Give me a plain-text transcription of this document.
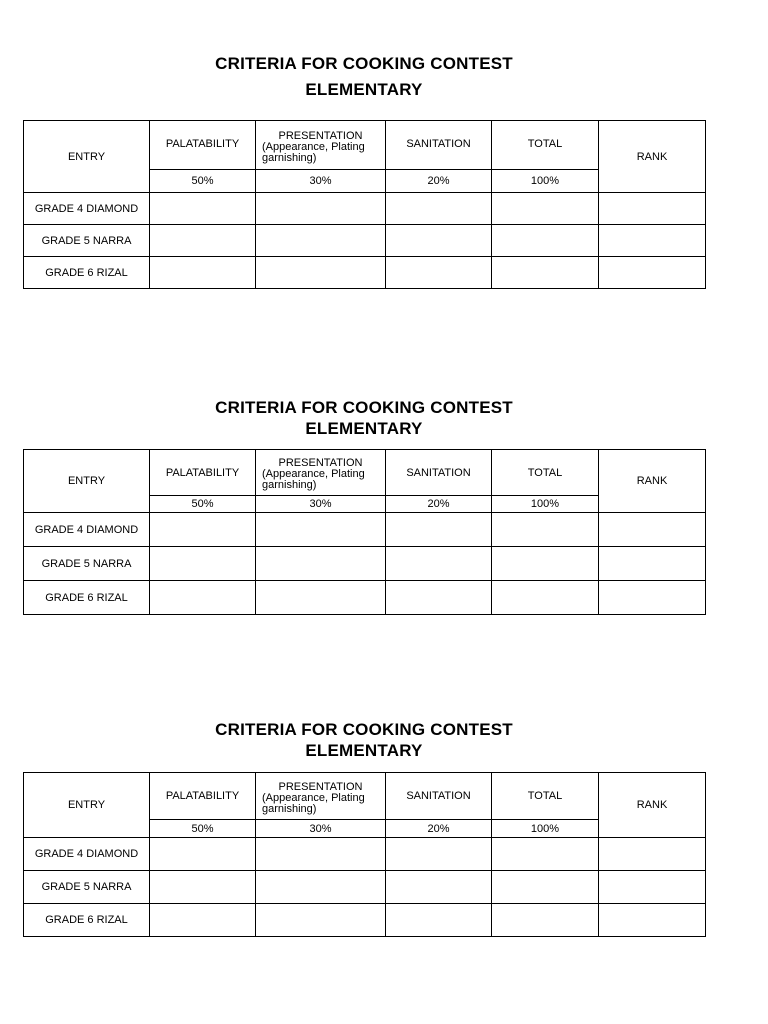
CRITERIA FOR COOKING CONTEST
ELEMENTARY
ENTRY	PALATABILITY	PRESENTATION
(Appearance, Plating
garnishing)	SANITATION	TOTAL	RANK
	50%	30%	20%	100%	
GRADE 4 DIAMOND					
GRADE 5 NARRA					
GRADE 6 RIZAL					
CRITERIA FOR COOKING CONTEST
ELEMENTARY
ENTRY	PALATABILITY	PRESENTATION
(Appearance, Plating
garnishing)	SANITATION	TOTAL	RANK
	50%	30%	20%	100%	
GRADE 4 DIAMOND					
GRADE 5 NARRA					
GRADE 6 RIZAL					
CRITERIA FOR COOKING CONTEST
ELEMENTARY
ENTRY	PALATABILITY	PRESENTATION
(Appearance, Plating
garnishing)	SANITATION	TOTAL	RANK
	50%	30%	20%	100%	
GRADE 4 DIAMOND					
GRADE 5 NARRA					
GRADE 6 RIZAL					
